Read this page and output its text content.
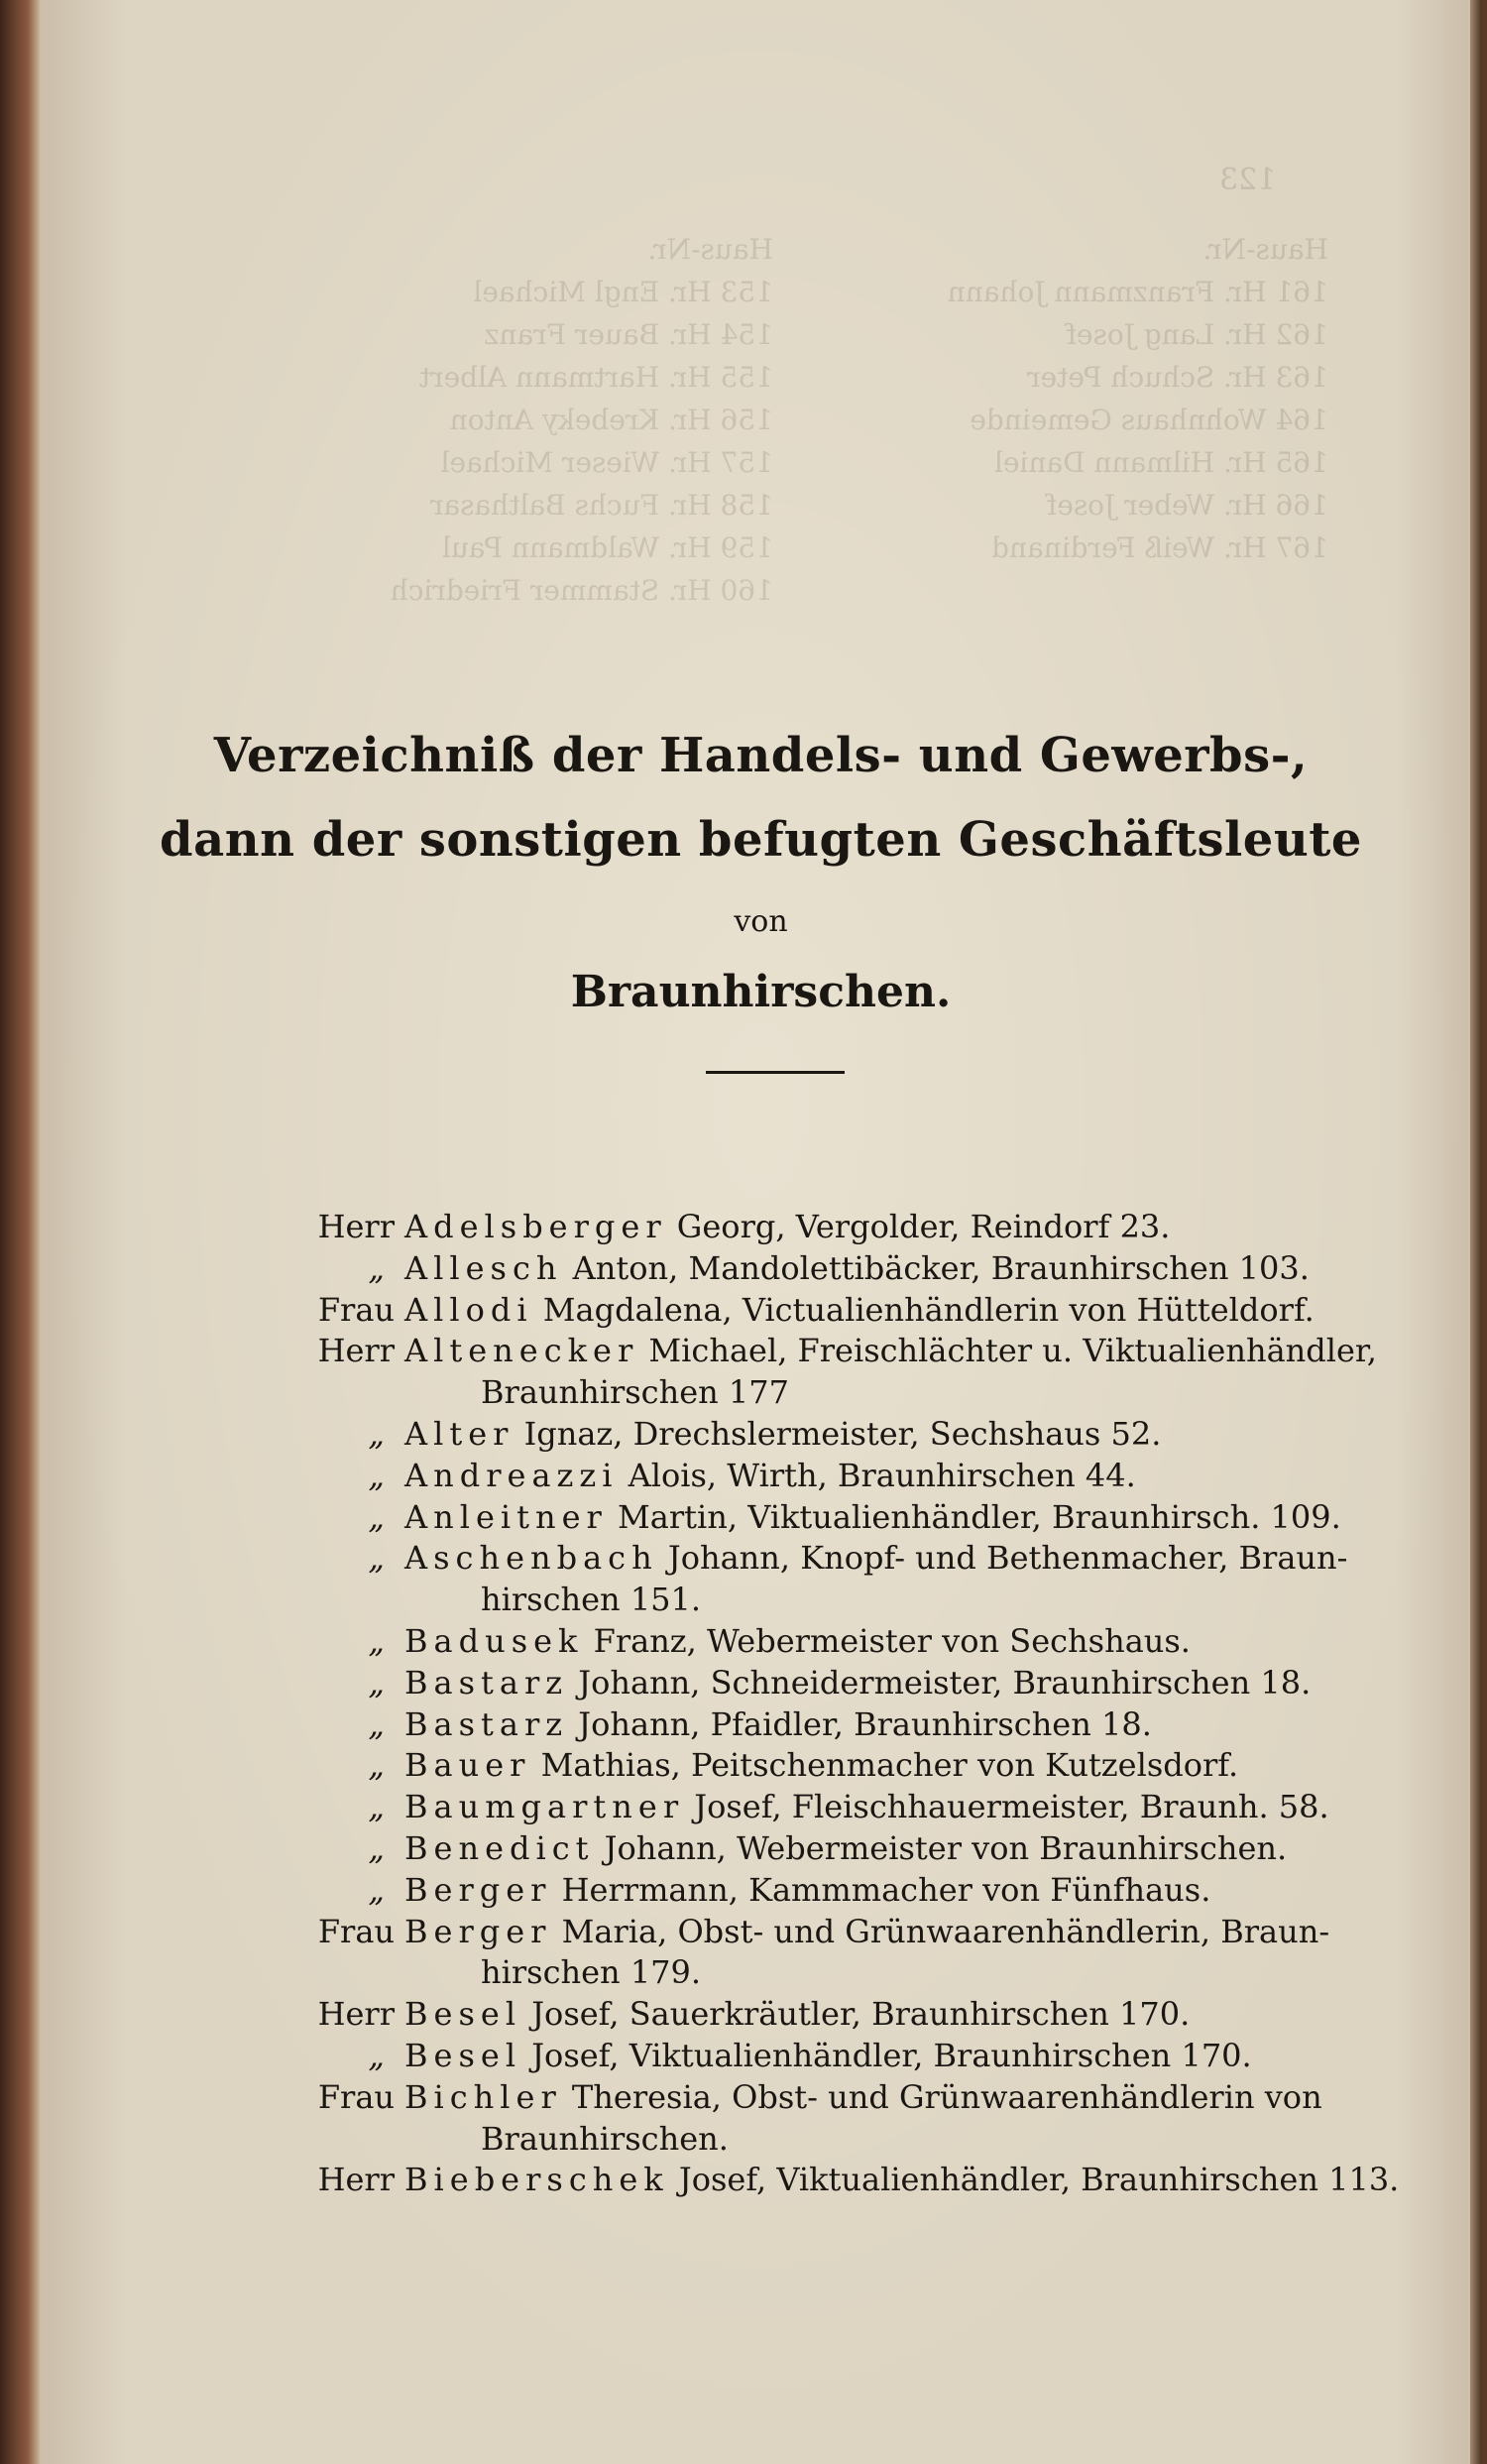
123
Haus-Nr.
161 Hr. Franzmann Johann
162 Hr. Lang Josef
163 Hr. Schuch Peter
164 Wohnhaus Gemeinde
165 Hr. Hilmann Daniel
166 Hr. Weber Josef
167 Hr. Weiß Ferdinand
Haus-Nr.
153 Hr. Engl Michael
154 Hr. Bauer Franz
155 Hr. Hartmann Albert
156 Hr. Krebeky Anton
157 Hr. Wieser Michael
158 Hr. Fuchs Balthasar
159 Hr. Waldmann Paul
160 Hr. Stammer Friedrich
Verzeichniß der Handels- und Gewerbs-,
dann der sonstigen befugten Geschäftsleute
von
Braunhirschen.
Herr Adelsberger Georg, Vergolder, Reindorf 23.
„ Allesch Anton, Mandolettibäcker, Braunhirschen 103.
Frau Allodi Magdalena, Victualienhändlerin von Hütteldorf.
Herr Altenecker Michael, Freischlächter u. Viktualienhändler,
Braunhirschen 177
„ Alter Ignaz, Drechslermeister, Sechshaus 52.
„ Andreazzi Alois, Wirth, Braunhirschen 44.
„ Anleitner Martin, Viktualienhändler, Braunhirsch. 109.
„ Aschenbach Johann, Knopf- und Bethenmacher, Braun-
hirschen 151.
„ Badusek Franz, Webermeister von Sechshaus.
„ Bastarz Johann, Schneidermeister, Braunhirschen 18.
„ Bastarz Johann, Pfaidler, Braunhirschen 18.
„ Bauer Mathias, Peitschenmacher von Kutzelsdorf.
„ Baumgartner Josef, Fleischhauermeister, Braunh. 58.
„ Benedict Johann, Webermeister von Braunhirschen.
„ Berger Herrmann, Kammmacher von Fünfhaus.
Frau Berger Maria, Obst- und Grünwaarenhändlerin, Braun-
hirschen 179.
Herr Besel Josef, Sauerkräutler, Braunhirschen 170.
„ Besel Josef, Viktualienhändler, Braunhirschen 170.
Frau Bichler Theresia, Obst- und Grünwaarenhändlerin von
Braunhirschen.
Herr Bieberschek Josef, Viktualienhändler, Braunhirschen 113.
